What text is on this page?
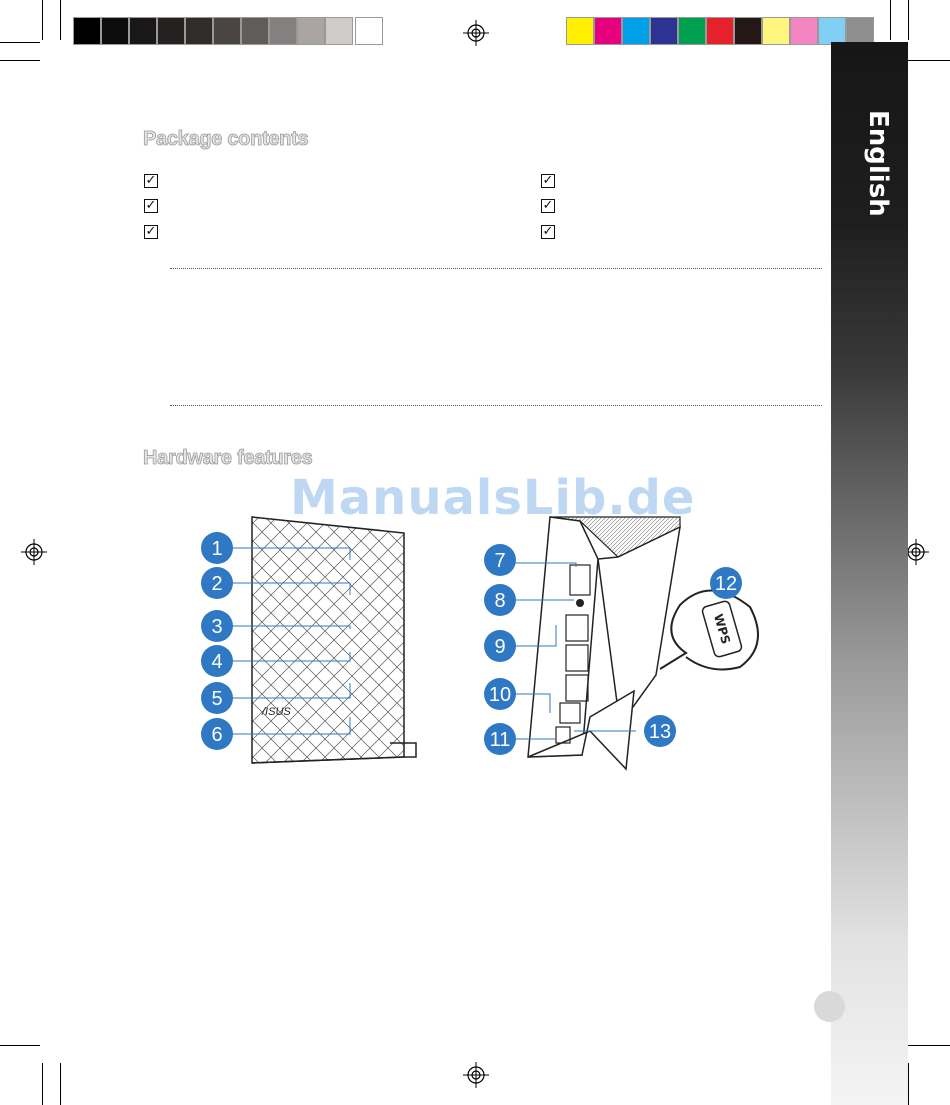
English
Package contents
✓
✓
✓
✓
✓
✓
Hardware features
/ISUS
WPS
1
2
3
4
5
6
7
8
9
10
11
12
13
ManualsLib.de
